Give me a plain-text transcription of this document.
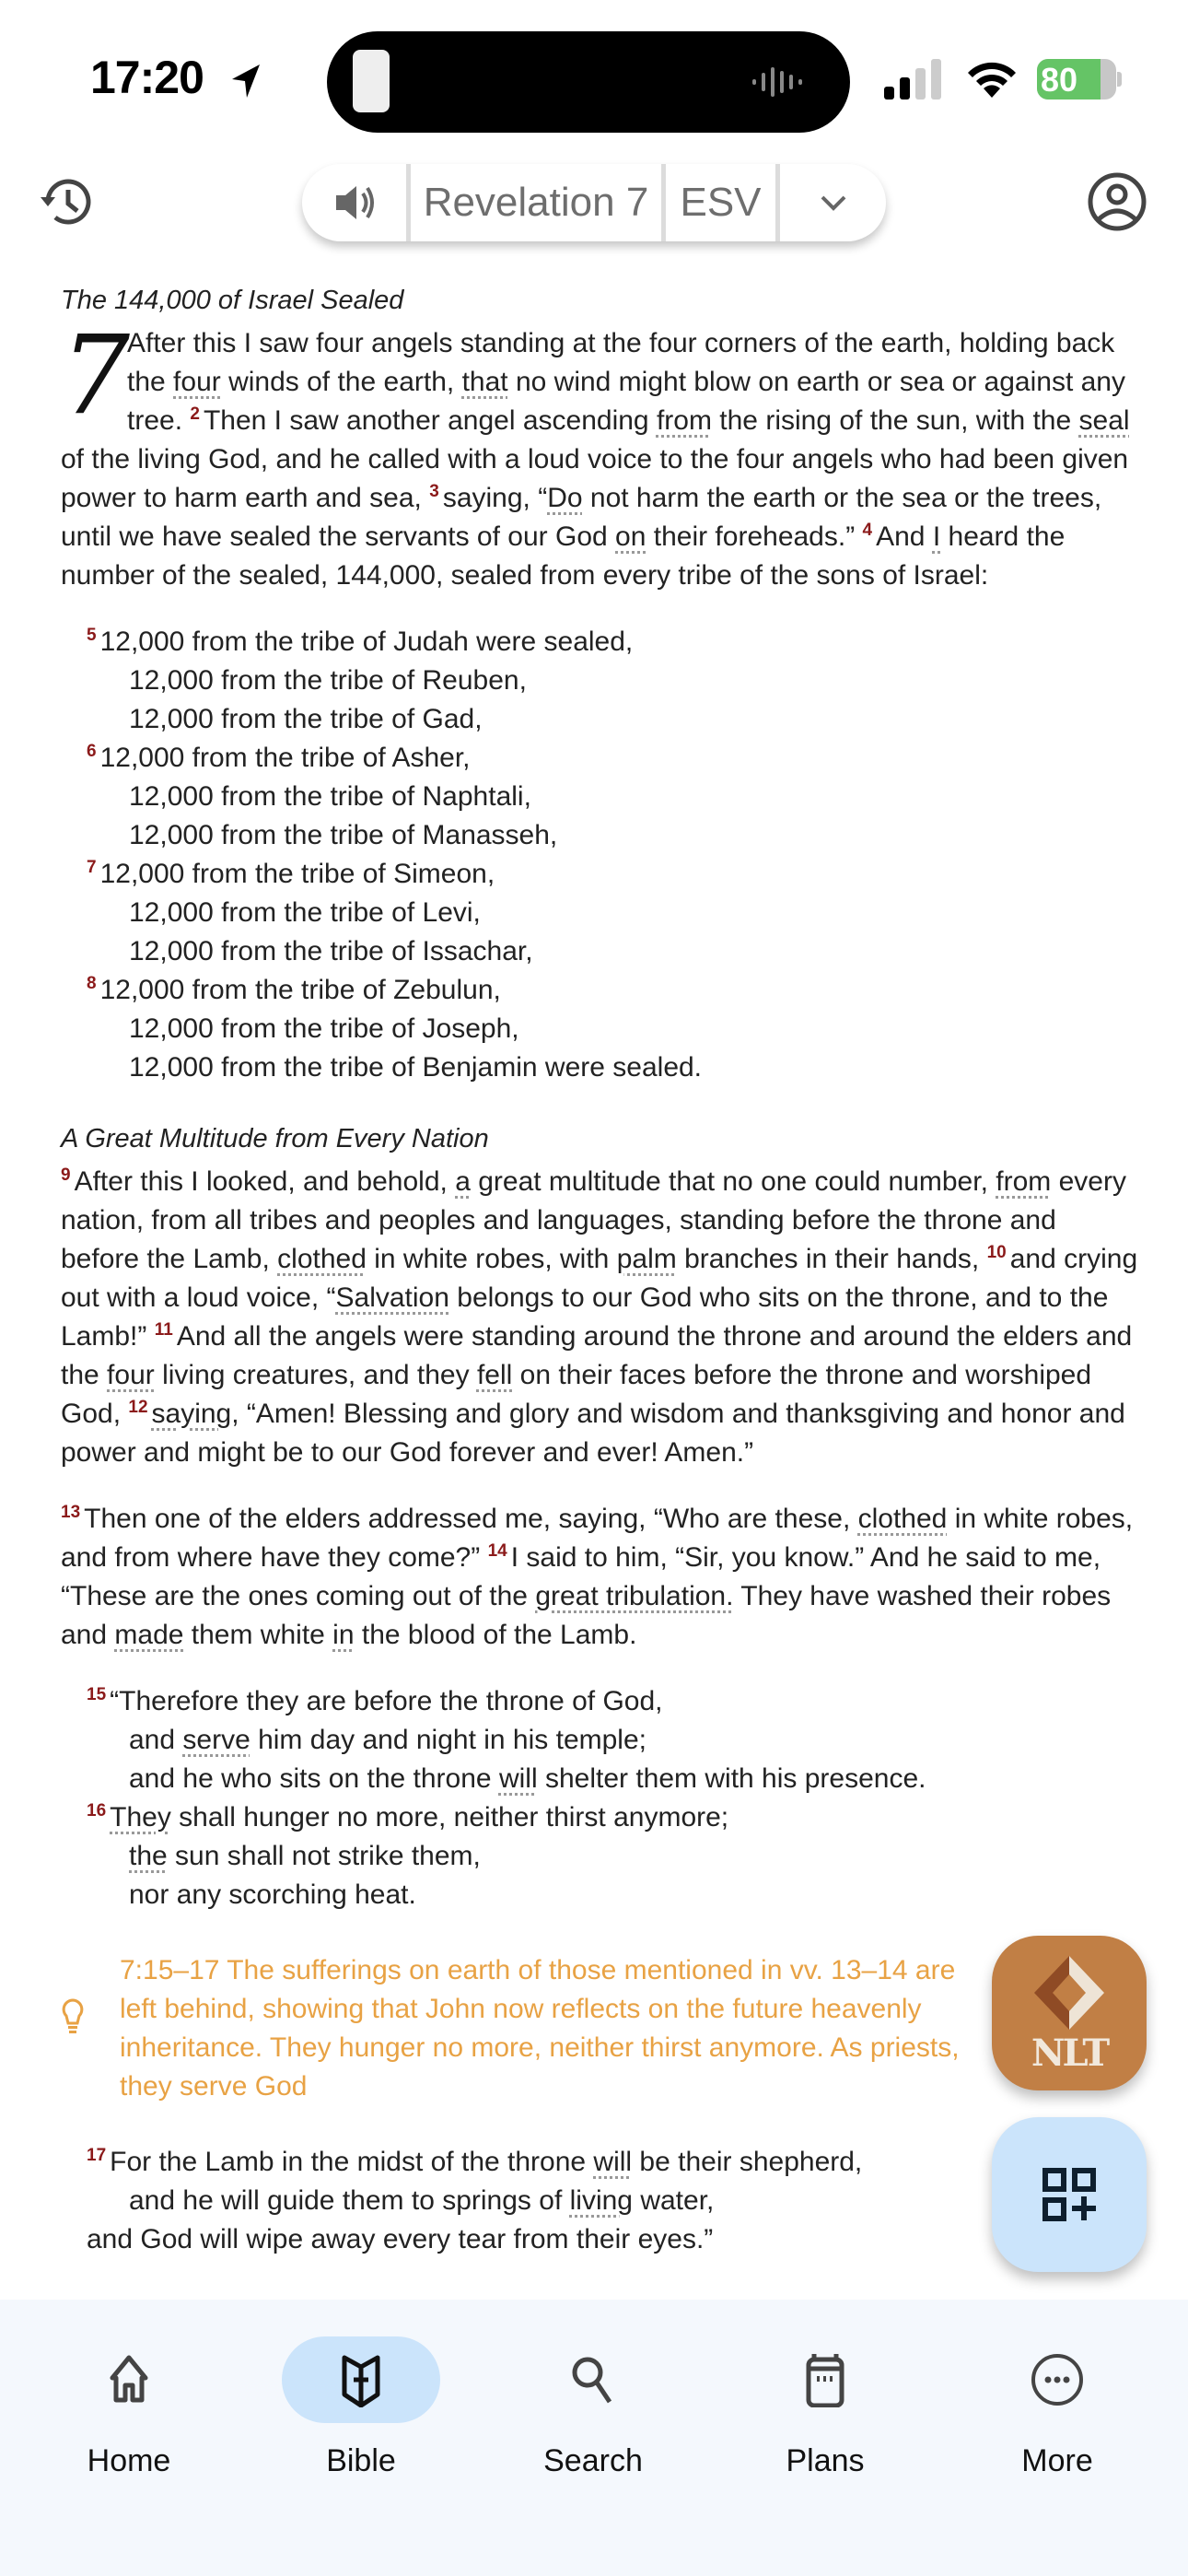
17:20	80
Revelation 7 ESV
The 144,000 of Israel Sealed

7
After this I saw four angels standing at the four corners of the earth, holding back the four winds of the earth, that no wind might blow on earth or sea or against any tree. $^2$ Then I saw another angel ascending from the rising of the sun, with the seal of the living God, and he called with a loud voice to the four angels who had been given power to harm earth and sea, $^3$ saying, “Do not harm the earth or the sea or the trees, until we have sealed the servants of our God on their foreheads.” $^4$ And I heard the number of the sealed, 144,000, sealed from every tribe of the sons of Israel:

$^5$ 12,000 from the tribe of Judah were sealed,
12,000 from the tribe of Reuben,
12,000 from the tribe of Gad,
$^6$ 12,000 from the tribe of Asher,
12,000 from the tribe of Naphtali,
12,000 from the tribe of Manasseh,
$^7$ 12,000 from the tribe of Simeon,
12,000 from the tribe of Levi,
12,000 from the tribe of Issachar,
$^8$ 12,000 from the tribe of Zebulun,
12,000 from the tribe of Joseph,
12,000 from the tribe of Benjamin were sealed.
A Great Multitude from Every Nation

$^9$ After this I looked, and behold, a great multitude that no one could number, from every nation, from all tribes and peoples and languages, standing before the throne and before the Lamb, clothed in white robes, with palm branches in their hands, $^{10}$ and crying out with a loud voice, “Salvation belongs to our God who sits on the throne, and to the Lamb!” $^{11}$ And all the angels were standing around the throne and around the elders and the four living creatures, and they fell on their faces before the throne and worshiped God, $^{12}$ saying, “Amen! Blessing and glory and wisdom and thanksgiving and honor and power and might be to our God forever and ever! Amen.”

$^{13}$ Then one of the elders addressed me, saying, “Who are these, clothed in white robes, and from where have they come?” $^{14}$ I said to him, “Sir, you know.” And he said to me, “These are the ones coming out of the great tribulation. They have washed their robes and made them white in the blood of the Lamb.

$^{15}$ “Therefore they are before the throne of God,
and serve him day and night in his temple;
and he who sits on the throne will shelter them with his presence.
$^{16}$ They shall hunger no more, neither thirst anymore;
the sun shall not strike them,
nor any scorching heat.
7:15–17 The sufferings on earth of those mentioned in vv. 13–14 are left behind, showing that John now reflects on the future heavenly inheritance. They hunger no more, neither thirst anymore. As priests, they serve God
$^{17}$ For the Lamb in the midst of the throne will be their shepherd,
and he will guide them to springs of living water,
and God will wipe away every tear from their eyes.”
NLT
Home	Bible	Search	Plans	More
